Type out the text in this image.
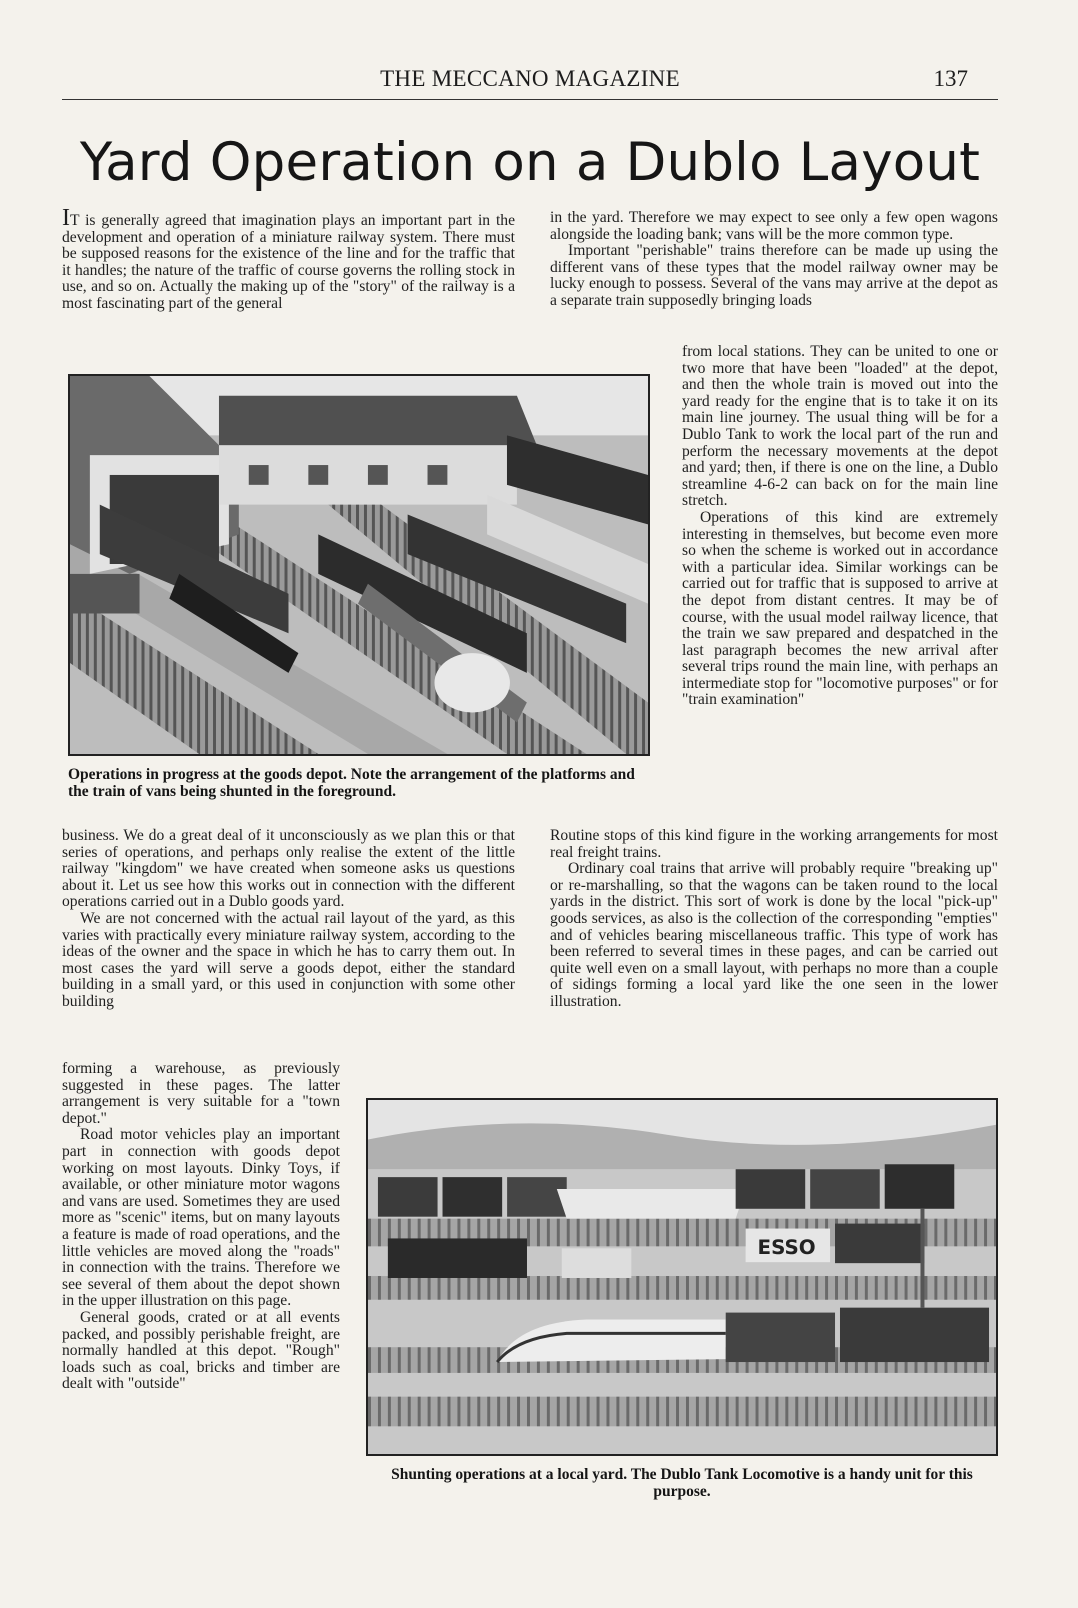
THE MECCANO MAGAZINE	137
Yard Operation on a Dublo Layout

IT is generally agreed that imagination plays an important part in the development and operation of a miniature railway system. There must be supposed reasons for the existence of the line and for the traffic that it handles; the nature of the traffic of course governs the rolling stock in use, and so on. Actually the making up of the "story" of the railway is a most fascinating part of the general

in the yard. Therefore we may expect to see only a few open wagons alongside the loading bank; vans will be the more common type.

Important "perishable" trains therefore can be made up using the different vans of these types that the model railway owner may be lucky enough to possess. Several of the vans may arrive at the depot as a separate train supposedly bringing loads

from local stations. They can be united to one or two more that have been "loaded" at the depot, and then the whole train is moved out into the yard ready for the engine that is to take it on its main line journey. The usual thing will be for a Dublo Tank to work the local part of the run and perform the necessary movements at the depot and yard; then, if there is one on the line, a Dublo streamline 4-6-2 can back on for the main line stretch.

Operations of this kind are extremely interesting in themselves, but become even more so when the scheme is worked out in accordance with a particular idea. Similar workings can be carried out for traffic that is supposed to arrive at the depot from distant centres. It may be of course, with the usual model railway licence, that the train we saw prepared and despatched in the last paragraph becomes the new arrival after several trips round the main line, with perhaps an intermediate stop for "locomotive purposes" or for "train examination"

Operations in progress at the goods depot. Note the arrangement of the platforms and the train of vans being shunted in the foreground.

business. We do a great deal of it unconsciously as we plan this or that series of operations, and perhaps only realise the extent of the little railway "kingdom" we have created when someone asks us questions about it. Let us see how this works out in connection with the different operations carried out in a Dublo goods yard.

We are not concerned with the actual rail layout of the yard, as this varies with practically every miniature railway system, according to the ideas of the owner and the space in which he has to carry them out. In most cases the yard will serve a goods depot, either the standard building in a small yard, or this used in conjunction with some other building

Routine stops of this kind figure in the working arrangements for most real freight trains.

Ordinary coal trains that arrive will probably require "breaking up" or re-marshalling, so that the wagons can be taken round to the local yards in the district. This sort of work is done by the local "pick-up" goods services, as also is the collection of the corresponding "empties" and of vehicles bearing miscellaneous traffic. This type of work has been referred to several times in these pages, and can be carried out quite well even on a small layout, with perhaps no more than a couple of sidings forming a local yard like the one seen in the lower illustration.

forming a warehouse, as previously suggested in these pages. The latter arrangement is very suitable for a "town depot."

Road motor vehicles play an important part in connection with goods depot working on most layouts. Dinky Toys, if available, or other miniature motor wagons and vans are used. Sometimes they are used more as "scenic" items, but on many layouts a feature is made of road operations, and the little vehicles are moved along the "roads" in connection with the trains. Therefore we see several of them about the depot shown in the upper illustration on this page.

General goods, crated or at all events packed, and possibly perishable freight, are normally handled at this depot. "Rough" loads such as coal, bricks and timber are dealt with "outside"

ESSO
Shunting operations at a local yard. The Dublo Tank Locomotive is a handy unit for this purpose.
